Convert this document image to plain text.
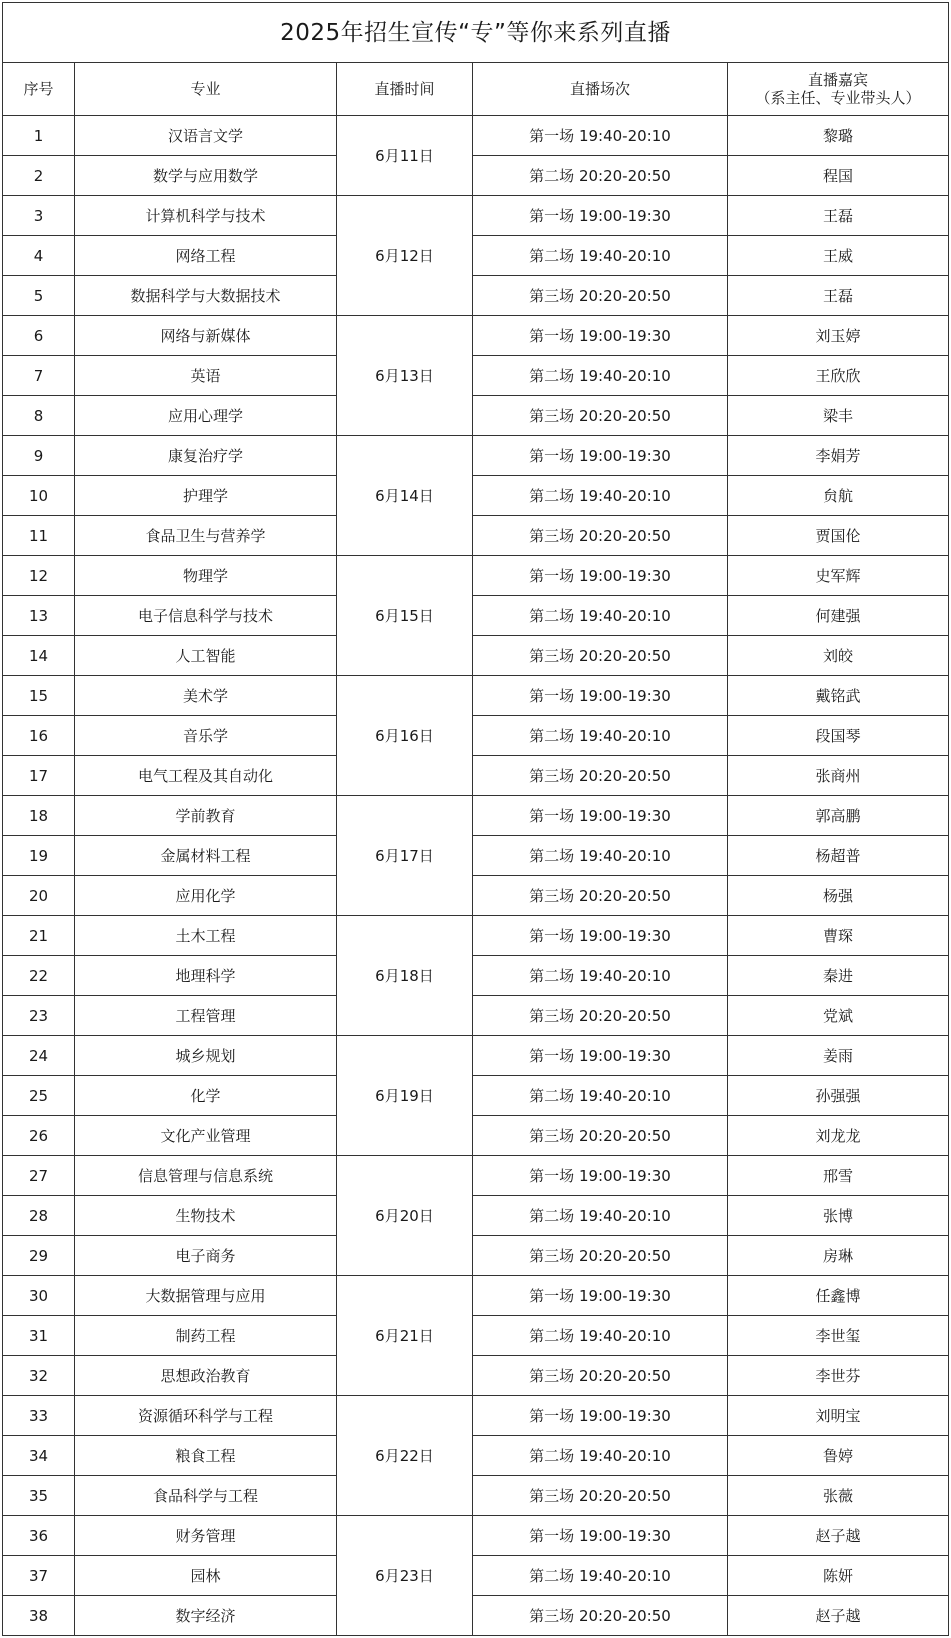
2025年招生宣传“专”等你来系列直播				
序号	专业	直播时间	直播场次	直播嘉宾
（系主任、专业带头人）

1	汉语言文学	6月11日	第一场 19:40-20:10	黎璐
2	数学与应用数学		第二场 20:20-20:50	程国
3	计算机科学与技术	6月12日	第一场 19:00-19:30	王磊
4	网络工程		第二场 19:40-20:10	王威
5	数据科学与大数据技术		第三场 20:20-20:50	王磊
6	网络与新媒体	6月13日	第一场 19:00-19:30	刘玉婷
7	英语		第二场 19:40-20:10	王欣欣
8	应用心理学		第三场 20:20-20:50	梁丰
9	康复治疗学	6月14日	第一场 19:00-19:30	李娟芳
10	护理学		第二场 19:40-20:10	贠航
11	食品卫生与营养学		第三场 20:20-20:50	贾国伦
12	物理学	6月15日	第一场 19:00-19:30	史军辉
13	电子信息科学与技术		第二场 19:40-20:10	何建强
14	人工智能		第三场 20:20-20:50	刘皎
15	美术学	6月16日	第一场 19:00-19:30	戴铭武
16	音乐学		第二场 19:40-20:10	段国琴
17	电气工程及其自动化		第三场 20:20-20:50	张商州
18	学前教育	6月17日	第一场 19:00-19:30	郭高鹏
19	金属材料工程		第二场 19:40-20:10	杨超普
20	应用化学		第三场 20:20-20:50	杨强
21	土木工程	6月18日	第一场 19:00-19:30	曹琛
22	地理科学		第二场 19:40-20:10	秦进
23	工程管理		第三场 20:20-20:50	党斌
24	城乡规划	6月19日	第一场 19:00-19:30	姜雨
25	化学		第二场 19:40-20:10	孙强强
26	文化产业管理		第三场 20:20-20:50	刘龙龙
27	信息管理与信息系统	6月20日	第一场 19:00-19:30	邢雪
28	生物技术		第二场 19:40-20:10	张博
29	电子商务		第三场 20:20-20:50	房琳
30	大数据管理与应用	6月21日	第一场 19:00-19:30	任鑫博
31	制药工程		第二场 19:40-20:10	李世玺
32	思想政治教育		第三场 20:20-20:50	李世芬
33	资源循环科学与工程	6月22日	第一场 19:00-19:30	刘明宝
34	粮食工程		第二场 19:40-20:10	鲁婷
35	食品科学与工程		第三场 20:20-20:50	张薇
36	财务管理	6月23日	第一场 19:00-19:30	赵子越
37	园林		第二场 19:40-20:10	陈妍
38	数字经济		第三场 20:20-20:50	赵子越
